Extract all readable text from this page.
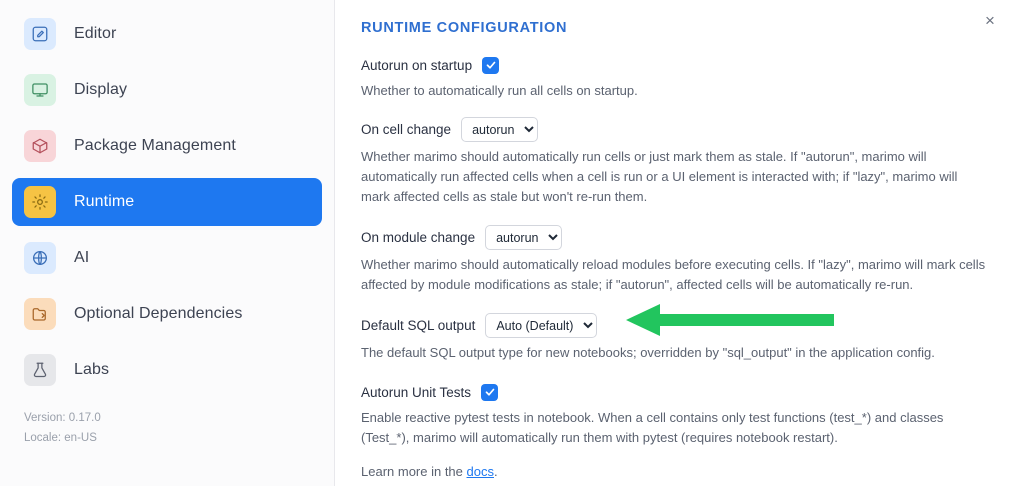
Editor
Display
Package Management
Runtime
AI
Optional Dependencies
Labs
Version: 0.17.0
Locale: en-US
×
RUNTIME CONFIGURATION
Autorun on startup

Whether to automatically run all cells on startup.

On cell change
autorun

Whether marimo should automatically run cells or just mark them as stale. If "autorun", marimo will automatically run affected cells when a cell is run or a UI element is interacted with; if "lazy", marimo will mark affected cells as stale but won't re-run them.

On module change
autorun

Whether marimo should automatically reload modules before executing cells. If "lazy", marimo will mark cells affected by module modifications as stale; if "autorun", affected cells will be automatically re-run.

Default SQL output
Auto (Default)

The default SQL output type for new notebooks; overridden by "sql_output" in the application config.

Autorun Unit Tests

Enable reactive pytest tests in notebook. When a cell contains only test functions (test_*) and classes (Test_*), marimo will automatically run them with pytest (requires notebook restart).

Learn more in the docs.
